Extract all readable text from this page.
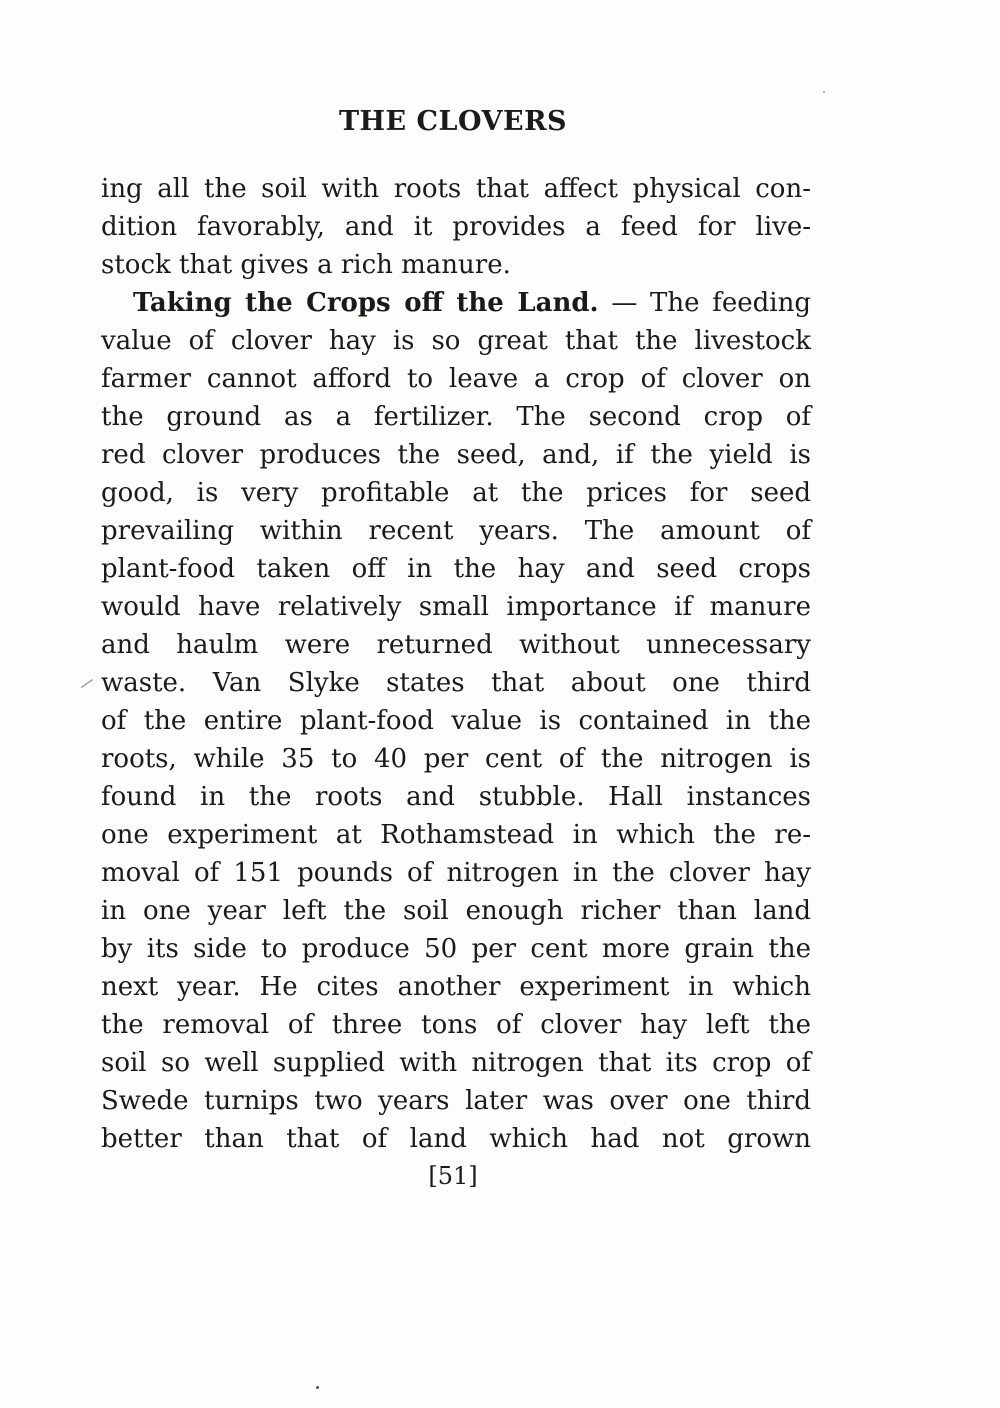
THE CLOVERS
ing all the soil with roots that affect physical con-
dition favorably, and it provides a feed for live-
stock that gives a rich manure.
Taking the Crops off the Land. — The feeding
value of clover hay is so great that the livestock
farmer cannot afford to leave a crop of clover on
the ground as a fertilizer. The second crop of
red clover produces the seed, and, if the yield is
good, is very profitable at the prices for seed
prevailing within recent years. The amount of
plant-food taken off in the hay and seed crops
would have relatively small importance if manure
and haulm were returned without unnecessary
waste. Van Slyke states that about one third
of the entire plant-food value is contained in the
roots, while 35 to 40 per cent of the nitrogen is
found in the roots and stubble. Hall instances
one experiment at Rothamstead in which the re-
moval of 151 pounds of nitrogen in the clover hay
in one year left the soil enough richer than land
by its side to produce 50 per cent more grain the
next year. He cites another experiment in which
the removal of three tons of clover hay left the
soil so well supplied with nitrogen that its crop of
Swede turnips two years later was over one third
better than that of land which had not grown
[51]
